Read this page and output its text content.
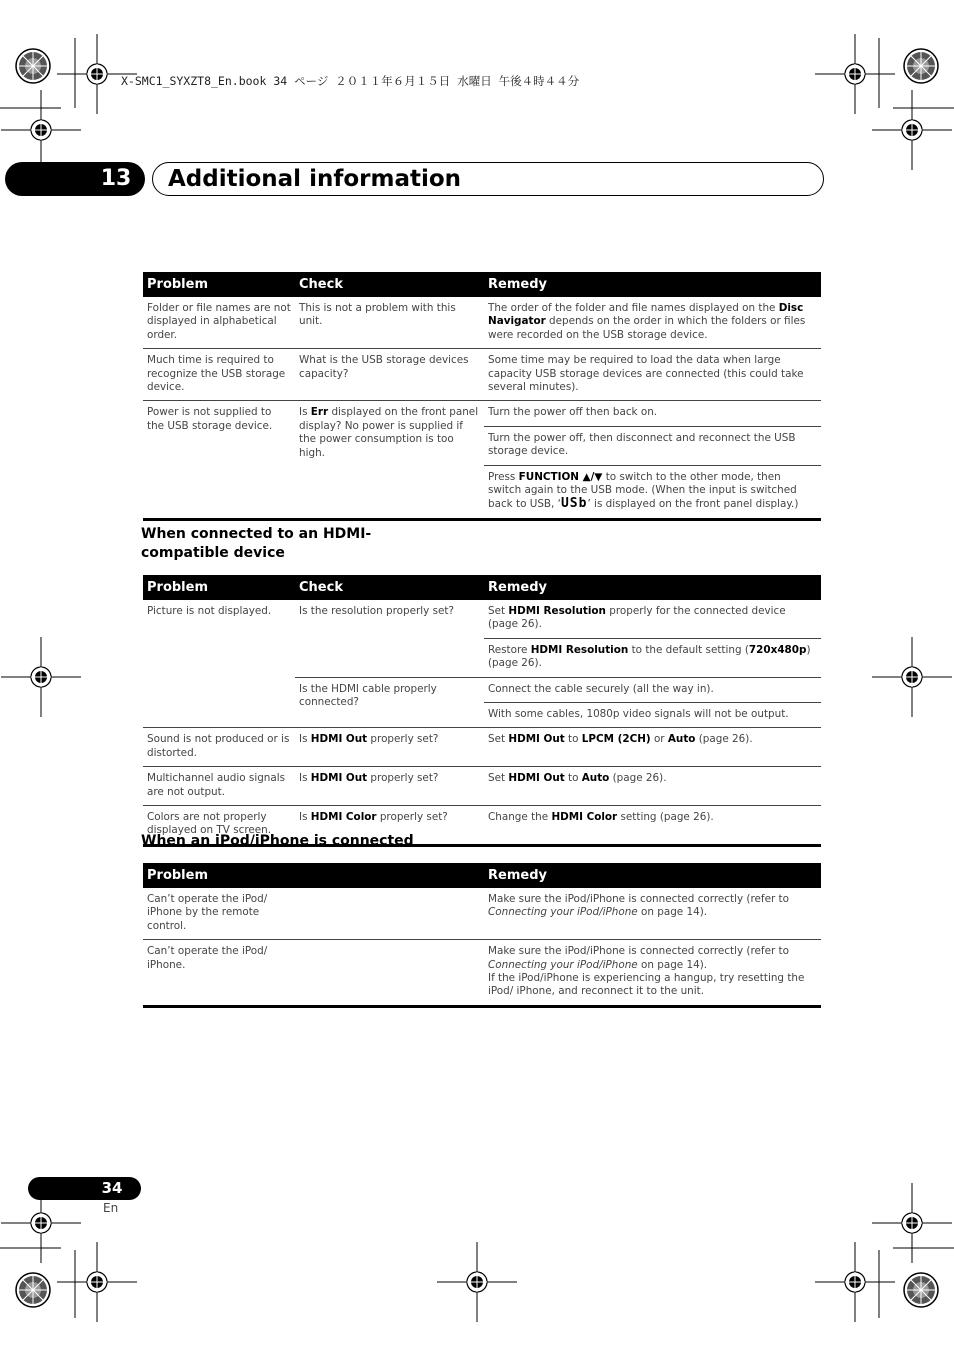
X-SMC1_SYXZT8_En.book 34 ページ ２０１１年６月１５日 水曜日 午後４時４４分
13 Additional information
Problem	Check	Remedy
Folder or file names are not displayed in alphabetical order.	This is not a problem with this unit.	The order of the folder and file names displayed on the Disc Navigator depends on the order in which the folders or files were recorded on the USB storage device.
Much time is required to recognize the USB storage device.	What is the USB storage devices capacity?	Some time may be required to load the data when large capacity USB storage devices are connected (this could take several minutes).
Power is not supplied to the USB storage device.	Is Err displayed on the front panel display? No power is supplied if the power consumption is too high.	Turn the power off then back on.
		Turn the power off, then disconnect and reconnect the USB storage device.
		Press FUNCTION ▲/▼ to switch to the other mode, then switch again to the USB mode. (When the input is switched back to USB, ‘USb’ is displayed on the front panel display.)
When connected to an HDMI-compatible device
Problem	Check	Remedy
Picture is not displayed.	Is the resolution properly set?	Set HDMI Resolution properly for the connected device (page 26).
		Restore HDMI Resolution to the default setting (720x480p) (page 26).
	Is the HDMI cable properly connected?	Connect the cable securely (all the way in).
		With some cables, 1080p video signals will not be output.
Sound is not produced or is distorted.	Is HDMI Out properly set?	Set HDMI Out to LPCM (2CH) or Auto (page 26).
Multichannel audio signals are not output.	Is HDMI Out properly set?	Set HDMI Out to Auto (page 26).
Colors are not properly displayed on TV screen.	Is HDMI Color properly set?	Change the HDMI Color setting (page 26).
When an iPod/iPhone is connected
Problem	Remedy

Can’t operate the iPod/ iPhone by the remote control.	Make sure the iPod/iPhone is connected correctly (refer to Connecting your iPod/iPhone on page 14).

Can’t operate the iPod/ iPhone.	Make sure the iPod/iPhone is connected correctly (refer to Connecting your iPod/iPhone on page 14).
If the iPod/iPhone is experiencing a hangup, try resetting the iPod/ iPhone, and reconnect it to the unit.
34
En
